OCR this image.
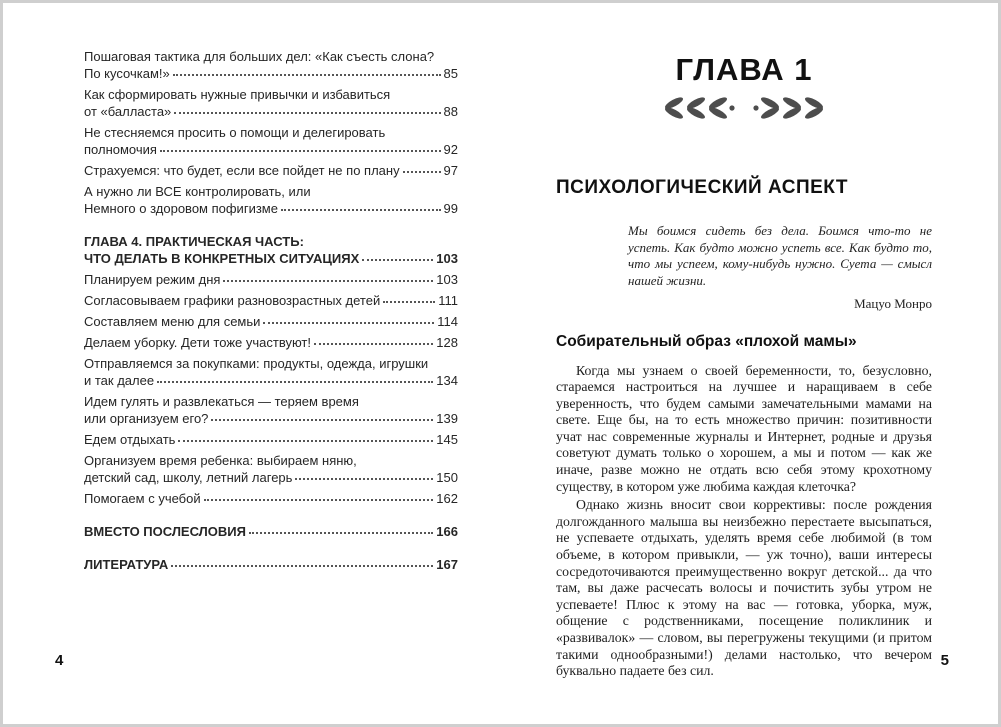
Пошаговая тактика для больших дел: «Как съесть слона?
По кусочкам!»	85
Как сформировать нужные привычки и избавиться
от «балласта»	88
Не стесняемся просить о помощи и делегировать
полномочия	92
Страхуемся: что будет, если все пойдет не по плану	97
А нужно ли ВСЕ контролировать, или
Немного о здоровом пофигизме	99
ГЛАВА 4. ПРАКТИЧЕСКАЯ ЧАСТЬ:
ЧТО ДЕЛАТЬ В КОНКРЕТНЫХ СИТУАЦИЯХ	103
Планируем режим дня	103
Согласовываем графики разновозрастных детей	111
Составляем меню для семьи	114
Делаем уборку. Дети тоже участвуют!	128
Отправляемся за покупками: продукты, одежда, игрушки
и так далее	134
Идем гулять и развлекаться — теряем время
или организуем его?	139
Едем отдыхать	145
Организуем время ребенка: выбираем няню,
детский сад, школу, летний лагерь	150
Помогаем с учебой	162
ВМЕСТО ПОСЛЕСЛОВИЯ	166
ЛИТЕРАТУРА	167
4
ГЛАВА 1
ПСИХОЛОГИЧЕСКИЙ АСПЕКТ
Мы боимся сидеть без дела. Боимся что-то не успеть. Как будто можно успеть все. Как будто то, что мы успеем, кому-нибудь нужно. Суета — смысл нашей жизни.
Мацуо Монро
Собирательный образ «плохой мамы»

Когда мы узнаем о своей беременности, то, безусловно, стараемся настроиться на лучшее и наращиваем в себе уверенность, что будем самыми замечательными мамами на свете. Еще бы, на то есть множество причин: позитивности учат нас современные журналы и Интернет, родные и друзья советуют думать только о хорошем, а мы и потом — как же иначе, разве можно не отдать всю себя этому крохотному существу, в котором уже любима каждая клеточка?

Однако жизнь вносит свои коррективы: после рождения долгожданного малыша вы неизбежно перестаете высыпаться, не успеваете отдыхать, уделять время себе любимой (в том объеме, в котором привыкли, — уж точно), ваши интересы сосредоточиваются преимущественно вокруг детской... да что там, вы даже расчесать волосы и почистить зубы утром не успеваете! Плюс к этому на вас — готовка, уборка, муж, общение с родственниками, посещение поликлиник и «развивалок» — словом, вы перегружены текущими (и притом такими однообразными!) делами настолько, что вечером буквально падаете без сил.

5
